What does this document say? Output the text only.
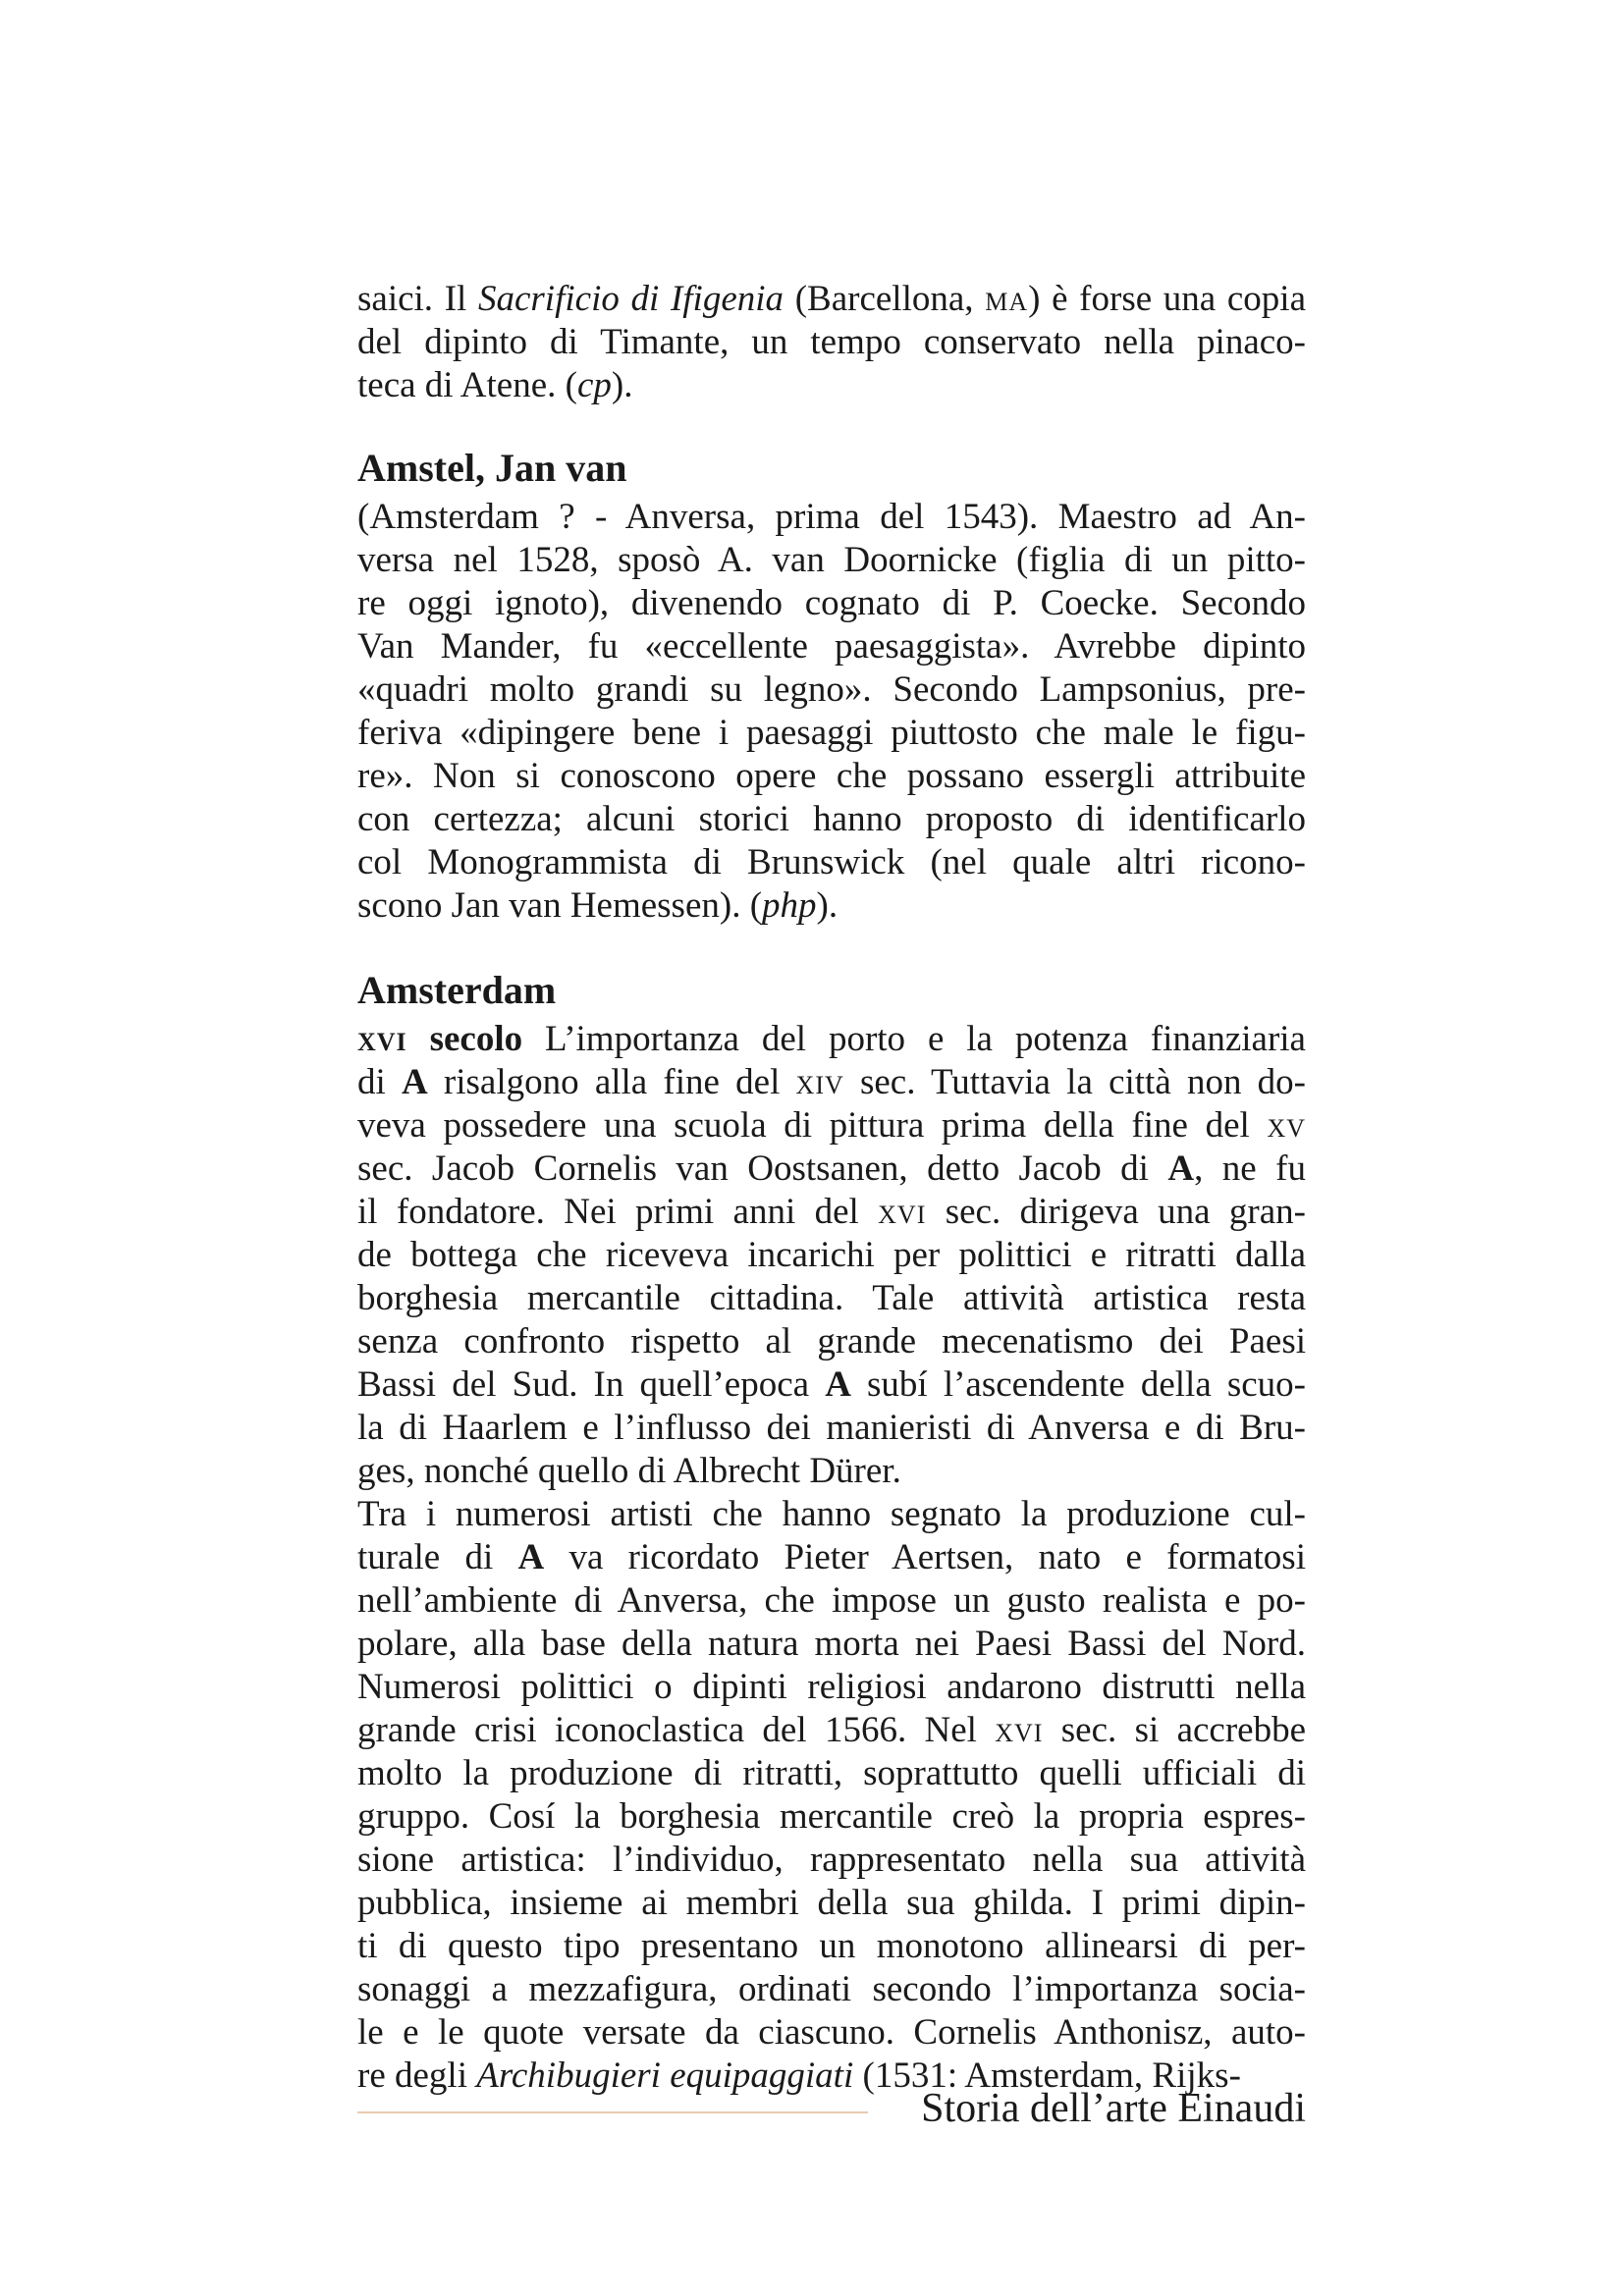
saici. Il Sacrificio di Ifigenia (Barcellona, ma) è forse una copia
del dipinto di Timante, un tempo conservato nella pinaco-
teca di Atene. (cp).

Amstel, Jan van

(Amsterdam ? - Anversa, prima del 1543). Maestro ad An-
versa nel 1528, sposò A. van Doornicke (figlia di un pitto-
re oggi ignoto), divenendo cognato di P. Coecke. Secondo
Van Mander, fu «eccellente paesaggista». Avrebbe dipinto
«quadri molto grandi su legno». Secondo Lampsonius, pre-
feriva «dipingere bene i paesaggi piuttosto che male le figu-
re». Non si conoscono opere che possano essergli attribuite
con certezza; alcuni storici hanno proposto di identificarlo
col Monogrammista di Brunswick (nel quale altri ricono-
scono Jan van Hemessen). (php).

Amsterdam

xvi secolo L’importanza del porto e la potenza finanziaria
di A risalgono alla fine del xiv sec. Tuttavia la città non do-
veva possedere una scuola di pittura prima della fine del xv
sec. Jacob Cornelis van Oostsanen, detto Jacob di A, ne fu
il fondatore. Nei primi anni del xvi sec. dirigeva una gran-
de bottega che riceveva incarichi per polittici e ritratti dalla
borghesia mercantile cittadina. Tale attività artistica resta
senza confronto rispetto al grande mecenatismo dei Paesi
Bassi del Sud. In quell’epoca A subí l’ascendente della scuo-
la di Haarlem e l’influsso dei manieristi di Anversa e di Bru-
ges, nonché quello di Albrecht Dürer.

Tra i numerosi artisti che hanno segnato la produzione cul-
turale di A va ricordato Pieter Aertsen, nato e formatosi
nell’ambiente di Anversa, che impose un gusto realista e po-
polare, alla base della natura morta nei Paesi Bassi del Nord.
Numerosi polittici o dipinti religiosi andarono distrutti nella
grande crisi iconoclastica del 1566. Nel xvi sec. si accrebbe
molto la produzione di ritratti, soprattutto quelli ufficiali di
gruppo. Cosí la borghesia mercantile creò la propria espres-
sione artistica: l’individuo, rappresentato nella sua attività
pubblica, insieme ai membri della sua ghilda. I primi dipin-
ti di questo tipo presentano un monotono allinearsi di per-
sonaggi a mezzafigura, ordinati secondo l’importanza socia-
le e le quote versate da ciascuno. Cornelis Anthonisz, auto-
re degli Archibugieri equipaggiati (1531: Amsterdam, Rijks-

Storia dell’arte Einaudi
